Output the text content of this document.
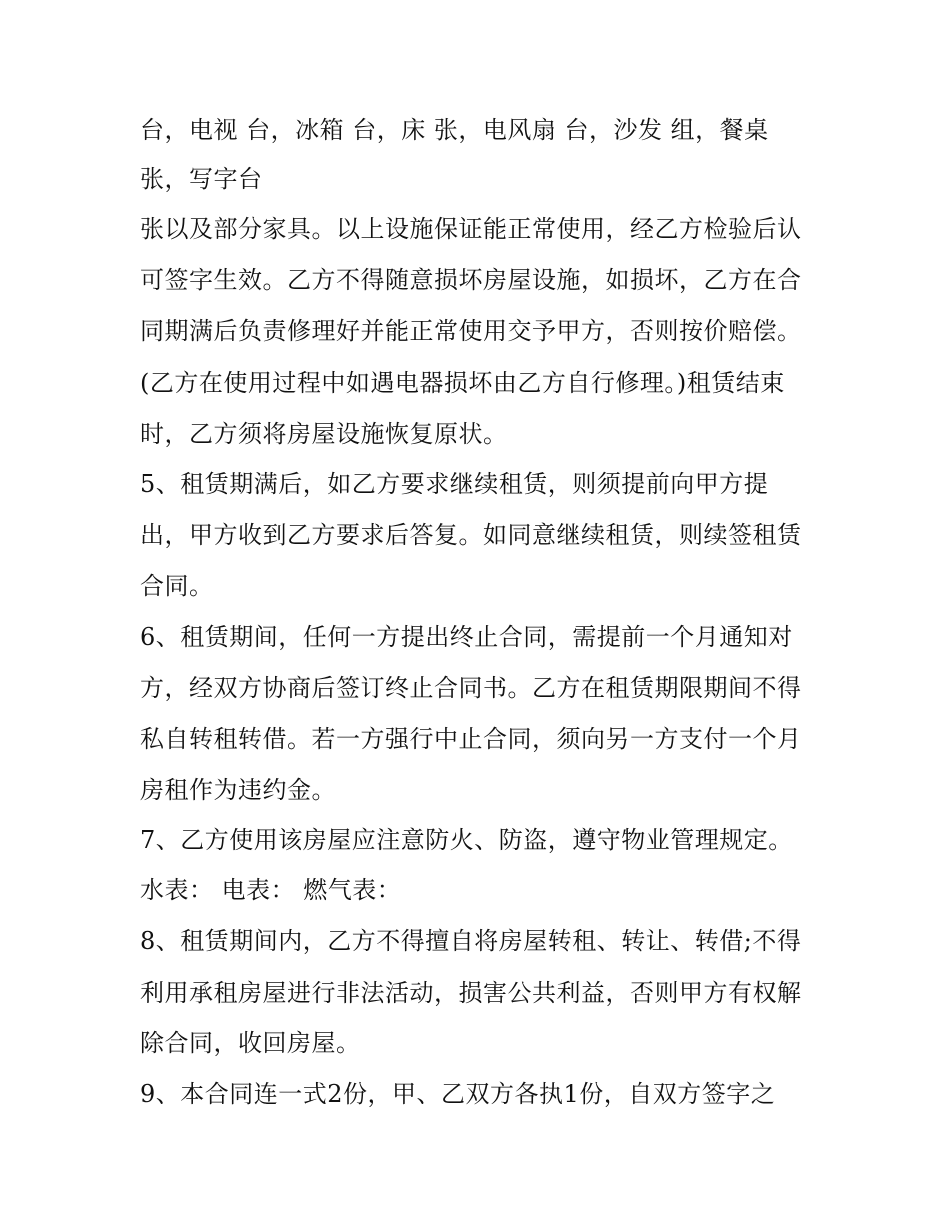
台，电视 台，冰箱 台，床 张，电风扇 台，沙发 组，餐桌
张，写字台
张以及部分家具。以上设施保证能正常使用，经乙方检验后认
可签字生效。乙方不得随意损坏房屋设施，如损坏，乙方在合
同期满后负责修理好并能正常使用交予甲方，否则按价赔偿。
(乙方在使用过程中如遇电器损坏由乙方自行修理。)租赁结束
时，乙方须将房屋设施恢复原状。
5、租赁期满后，如乙方要求继续租赁，则须提前向甲方提
出，甲方收到乙方要求后答复。如同意继续租赁，则续签租赁
合同。
6、租赁期间，任何一方提出终止合同，需提前一个月通知对
方，经双方协商后签订终止合同书。乙方在租赁期限期间不得
私自转租转借。若一方强行中止合同，须向另一方支付一个月
房租作为违约金。
7、乙方使用该房屋应注意防火、防盗，遵守物业管理规定。
水表： 电表： 燃气表：
8、租赁期间内，乙方不得擅自将房屋转租、转让、转借;不得
利用承租房屋进行非法活动，损害公共利益，否则甲方有权解
除合同，收回房屋。
9、本合同连一式2份，甲、乙双方各执1份，自双方签字之
